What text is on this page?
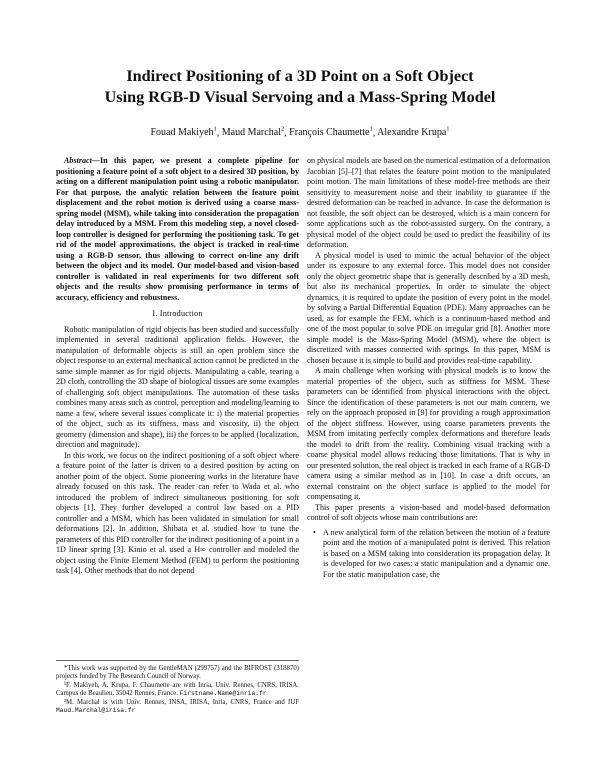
Indirect Positioning of a 3D Point on a Soft Object
Using RGB-D Visual Servoing and a Mass-Spring Model
Fouad Makiyeh$^1$, Maud Marchal$^2$, François Chaumette$^1$, Alexandre Krupa$^1$

Abstract—In this paper, we present a complete pipeline for positioning a feature point of a soft object to a desired 3D position, by acting on a different manipulation point using a robotic manipulator. For that purpose, the analytic relation between the feature point displacement and the robot motion is derived using a coarse mass-spring model (MSM), while taking into consideration the propagation delay introduced by a MSM. From this modeling step, a novel closed-loop controller is designed for performing the positioning task. To get rid of the model approximations, the object is tracked in real-time using a RGB-D sensor, thus allowing to correct on-line any drift between the object and its model. Our model-based and vision-based controller is validated in real experiments for two different soft objects and the results show promising performance in terms of accuracy, efficiency and robustness.

I. Introduction

Robotic manipulation of rigid objects has been studied and successfully implemented in several traditional application fields. However, the manipulation of deformable objects is still an open problem since the object response to an external mechanical action cannot be predicted in the same simple manner as for rigid objects. Manipulating a cable, tearing a 2D cloth, controlling the 3D shape of biological tissues are some examples of challenging soft object manipulations. The automation of these tasks combines many areas such as control, perception and modeling/learning to name a few, where several issues complicate it: i) the material properties of the object, such as its stiffness, mass and viscosity, ii) the object geometry (dimension and shape), iii) the forces to be applied (localization, direction and magnitude).

In this work, we focus on the indirect positioning of a soft object where a feature point of the latter is driven to a desired position by acting on another point of the object. Some pioneering works in the literature have already focused on this task. The reader can refer to Wada et al. who introduced the problem of indirect simultaneous positioning for soft objects [1]. They further developed a control law based on a PID controller and a MSM, which has been validated in simulation for small deformations [2]. In addition, Shibata et al. studied how to tune the parameters of this PID controller for the indirect positioning of a point in a 1D linear spring [3]. Kinio et al. used a H∞ controller and modeled the object using the Finite Element Method (FEM) to perform the positioning task [4]. Other methods that do not depend

*This work was supported by the GentleMAN (299757) and the BIFROST (318870) projects funded by The Research Council of Norway.

¹F. Makiyeh, A. Krupa, F. Chaumette are with Inria, Univ. Rennes, CNRS, IRISA. Campus de Beaulieu, 35042 Rennes, France. Firstname.Name@inria.fr

²M. Marchal is with Univ. Rennes, INSA, IRISA, Inria, CNRS, France and IUF Maud.Marchal@irisa.fr

on physical models are based on the numerical estimation of a deformation Jacobian [5]–[7] that relates the feature point motion to the manipulated point motion. The main limitations of these model-free methods are their sensitivity to measurement noise and their inability to guarantee if the desired deformation can be reached in advance. In case the deformation is not feasible, the soft object can be destroyed, which is a main concern for some applications such as the robot-assisted surgery. On the contrary, a physical model of the object could be used to predict the feasibility of its deformation.

A physical model is used to mimic the actual behavior of the object under its exposure to any external force. This model does not consider only the object geometric shape that is generally described by a 3D mesh, but also its mechanical properties. In order to simulate the object dynamics, it is required to update the position of every point in the model by solving a Partial Differential Equation (PDE). Many approaches can be used, as for example the FEM, which is a continuum-based method and one of the most popular to solve PDE on irregular grid [8]. Another more simple model is the Mass-Spring Model (MSM), where the object is discretized with masses connected with springs. In this paper, MSM is chosen because it is simple to build and provides real-time capability.

A main challenge when working with physical models is to know the material properties of the object, such as stiffness for MSM. These parameters can be identified from physical interactions with the object. Since the identification of these parameters is not our main concern, we rely on the approach proposed in [9] for providing a rough approximation of the object stiffness. However, using coarse parameters prevents the MSM from imitating perfectly complex deformations and therefore leads the model to drift from the reality. Combining visual tracking with a coarse physical model allows reducing those limitations. That is why in our presented solution, the real object is tracked in each frame of a RGB-D camera using a similar method as in [10]. In case a drift occurs, an external constraint on the object surface is applied to the model for compensating it.

This paper presents a vision-based and model-based deformation control of soft objects whose main contributions are:

• A new analytical form of the relation between the motion of a feature point and the motion of a manipulated point is derived. This relation is based on a MSM taking into consideration its propagation delay. It is developed for two cases: a static manipulation and a dynamic one. For the static manipulation case, the
